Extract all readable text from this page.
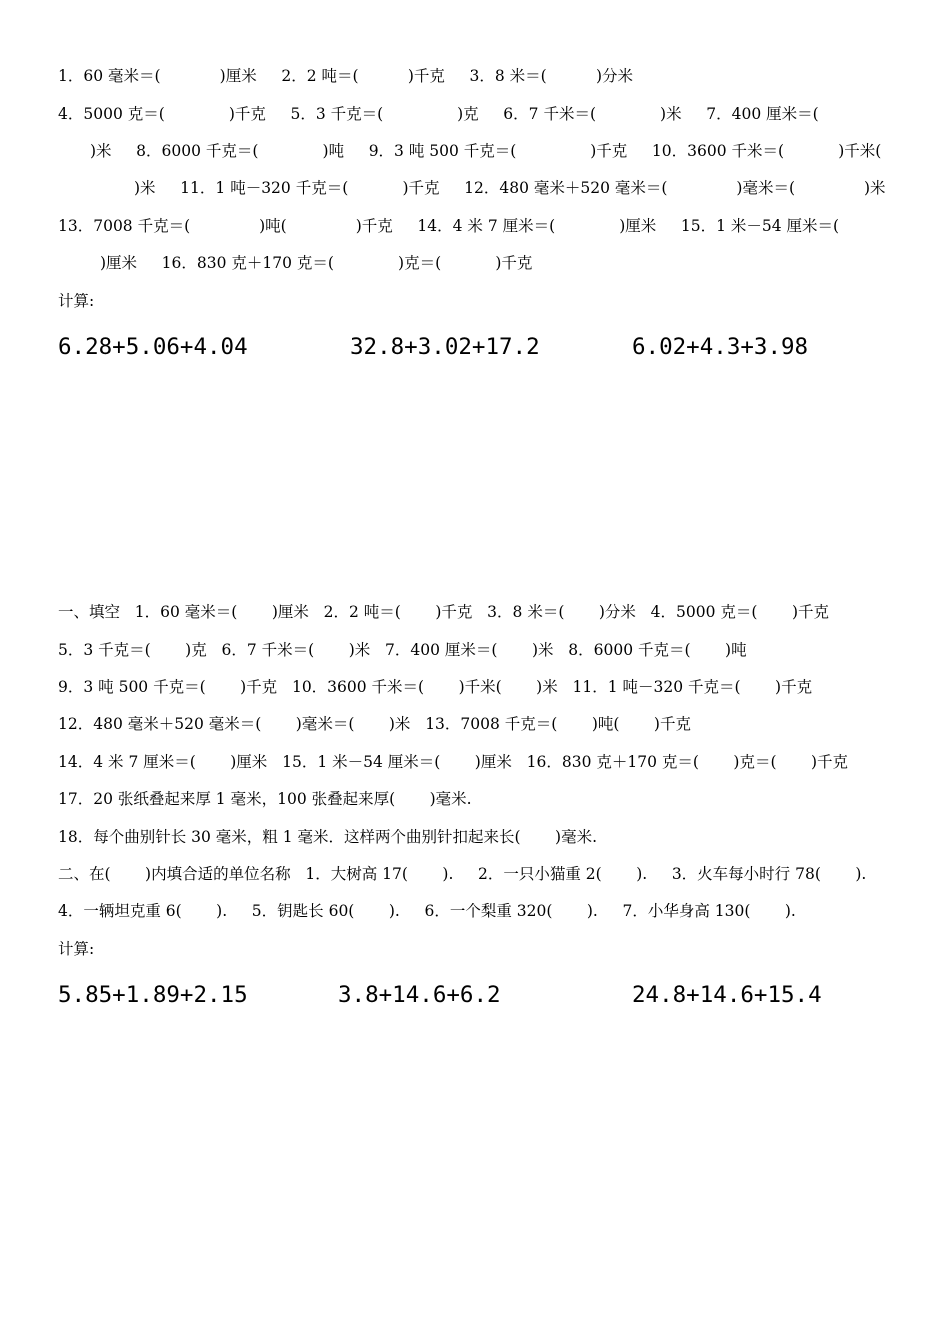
1．60 毫米＝(            )厘米     2．2 吨＝(          )千克     3．8 米＝(          )分米
4．5000 克＝(             )千克     5．3 千克＝(               )克     6．7 千米＝(             )米     7．400 厘米＝(
)米     8．6000 千克＝(             )吨     9．3 吨 500 千克＝(               )千克     10．3600 千米＝(           )千米(
)米     11．1 吨－320 千克＝(           )千克     12．480 毫米＋520 毫米＝(              )毫米＝(              )米
13．7008 千克＝(              )吨(              )千克     14．4 米 7 厘米＝(             )厘米     15．1 米－54 厘米＝(
)厘米     16．830 克＋170 克＝(             )克＝(           )千克
计算:

6.28+5.06+4.04

	32.8+3.02+17.2

	6.02+4.3+3.98

一、填空   1．60 毫米＝(       )厘米   2．2 吨＝(       )千克   3．8 米＝(       )分米   4．5000 克＝(       )千克
5．3 千克＝(       )克   6．7 千米＝(       )米   7．400 厘米＝(       )米   8．6000 千克＝(       )吨
9．3 吨 500 千克＝(       )千克   10．3600 千米＝(       )千米(       )米   11．1 吨－320 千克＝(       )千克
12．480 毫米＋520 毫米＝(       )毫米＝(       )米   13．7008 千克＝(       )吨(       )千克
14．4 米 7 厘米＝(       )厘米   15．1 米－54 厘米＝(       )厘米   16．830 克＋170 克＝(       )克＝(       )千克
17．20 张纸叠起来厚 1 毫米，100 张叠起来厚(       )毫米.
18．每个曲别针长 30 毫米，粗 1 毫米．这样两个曲别针扣起来长(       )毫米.
二、在(       )内填合适的单位名称   1．大树高 17(       ).     2．一只小猫重 2(       ).     3．火车每小时行 78(       ).
4．一辆坦克重 6(       ).     5．钥匙长 60(       ).     6．一个梨重 320(       ).     7．小华身高 130(       ).
计算:

5.85+1.89+2.15

	3.8+14.6+6.2

	24.8+14.6+15.4
